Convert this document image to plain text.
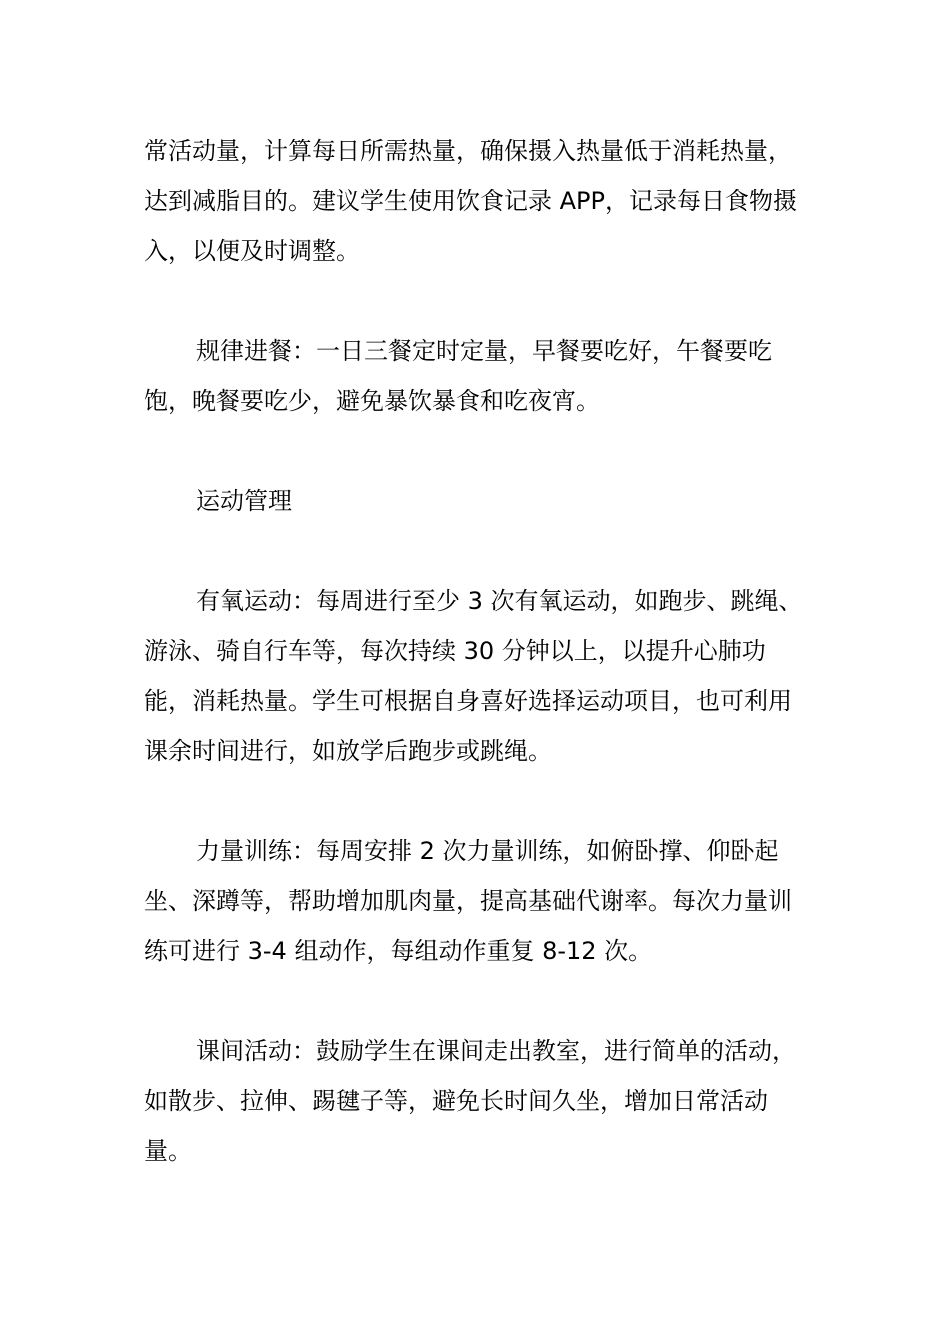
常活动量，计算每日所需热量，确保摄入热量低于消耗热量，达到减脂目的。建议学生使用饮食记录 APP，记录每日食物摄入，以便及时调整。

规律进餐：一日三餐定时定量，早餐要吃好，午餐要吃饱，晚餐要吃少，避免暴饮暴食和吃夜宵。

运动管理

有氧运动：每周进行至少 3 次有氧运动，如跑步、跳绳、游泳、骑自行车等，每次持续 30 分钟以上，以提升心肺功能，消耗热量。学生可根据自身喜好选择运动项目，也可利用课余时间进行，如放学后跑步或跳绳。

力量训练：每周安排 2 次力量训练，如俯卧撑、仰卧起坐、深蹲等，帮助增加肌肉量，提高基础代谢率。每次力量训练可进行 3-4 组动作，每组动作重复 8-12 次。

课间活动：鼓励学生在课间走出教室，进行简单的活动，如散步、拉伸、踢毽子等，避免长时间久坐，增加日常活动量。
